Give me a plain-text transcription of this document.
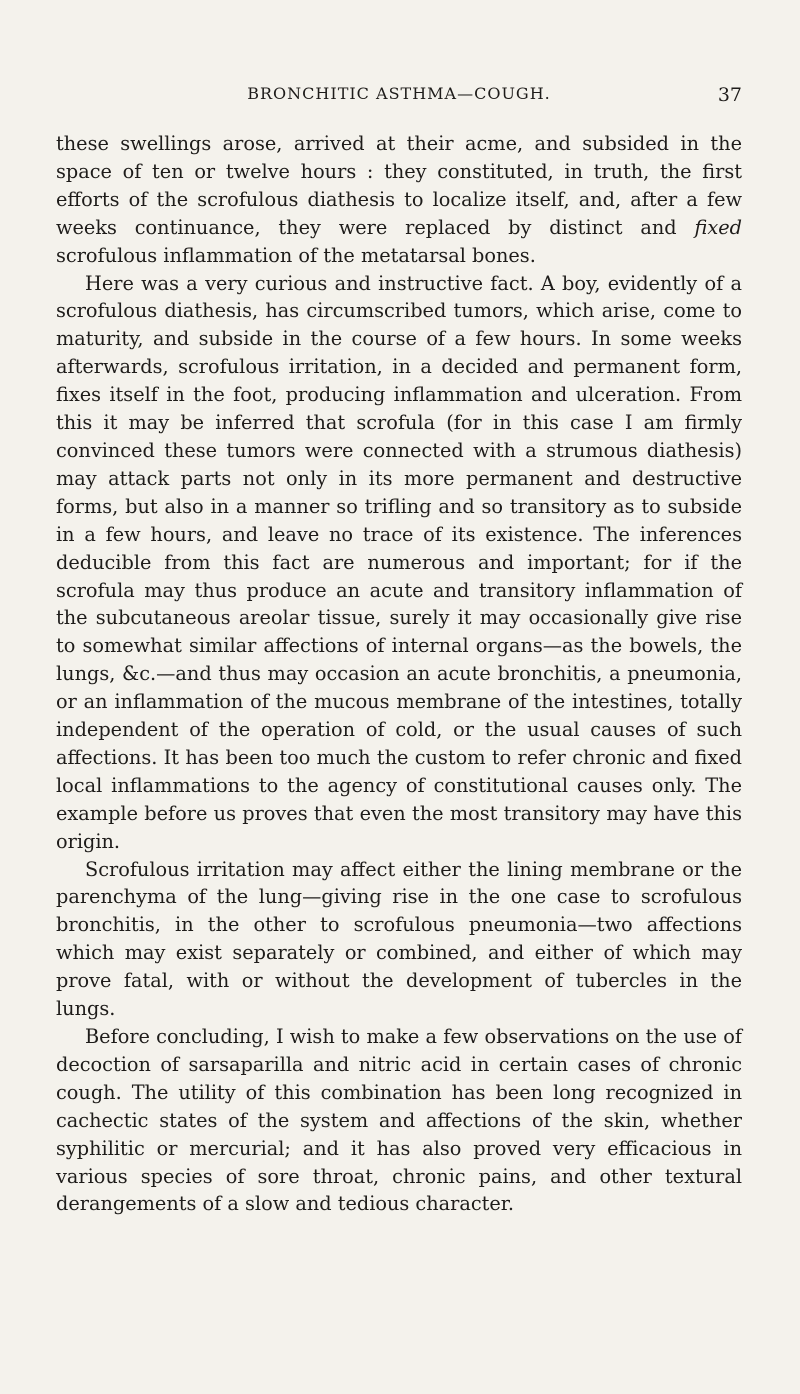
BRONCHITIC ASTHMA—COUGH.	37

these swellings arose, arrived at their acme, and subsided in the space of ten or twelve hours : they constituted, in truth, the first efforts of the scrofulous diathesis to localize itself, and, after a few weeks continuance, they were replaced by distinct and fixed scrofulous inflammation of the metatarsal bones.

Here was a very curious and instructive fact. A boy, evidently of a scrofulous diathesis, has circumscribed tumors, which arise, come to maturity, and subside in the course of a few hours. In some weeks afterwards, scrofulous irritation, in a decided and permanent form, fixes itself in the foot, producing inflammation and ulceration. From this it may be inferred that scrofula (for in this case I am firmly convinced these tumors were connected with a strumous diathesis) may attack parts not only in its more permanent and destructive forms, but also in a manner so trifling and so transitory as to subside in a few hours, and leave no trace of its existence. The inferences deducible from this fact are numerous and important; for if the scrofula may thus produce an acute and transitory inflammation of the subcutaneous areolar tissue, surely it may occasionally give rise to somewhat similar affections of internal organs—as the bowels, the lungs, &c.—and thus may occasion an acute bronchitis, a pneumonia, or an inflammation of the mucous membrane of the intestines, totally independent of the operation of cold, or the usual causes of such affections. It has been too much the custom to refer chronic and fixed local inflammations to the agency of constitutional causes only. The example before us proves that even the most transitory may have this origin.

Scrofulous irritation may affect either the lining membrane or the parenchyma of the lung—giving rise in the one case to scrofulous bronchitis, in the other to scrofulous pneumonia—two affections which may exist separately or combined, and either of which may prove fatal, with or without the development of tubercles in the lungs.

Before concluding, I wish to make a few observations on the use of decoction of sarsaparilla and nitric acid in certain cases of chronic cough. The utility of this combination has been long recognized in cachectic states of the system and affections of the skin, whether syphilitic or mercurial; and it has also proved very efficacious in various species of sore throat, chronic pains, and other textural derangements of a slow and tedious character.
